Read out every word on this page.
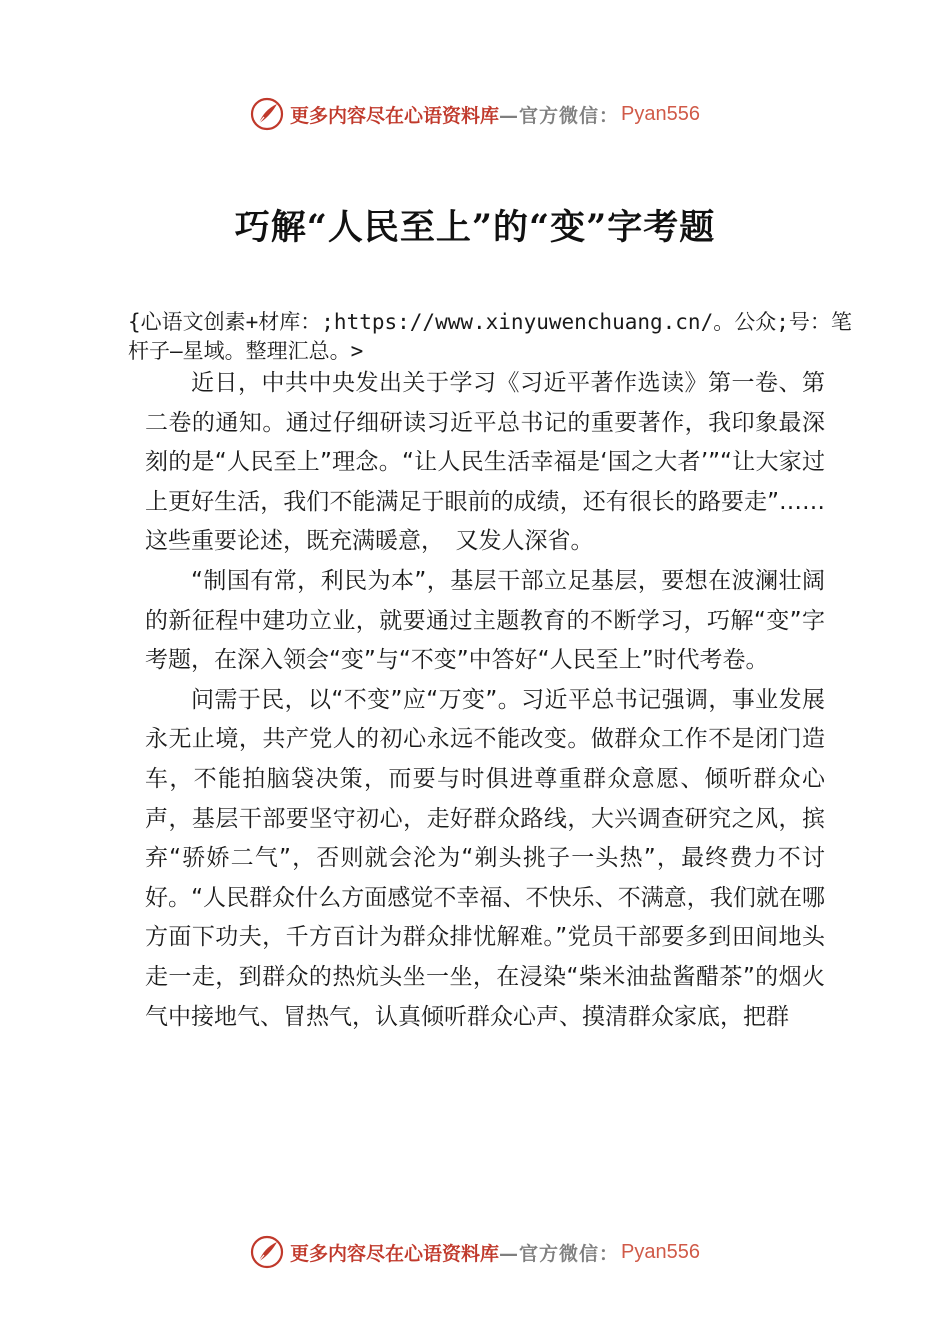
更多内容尽在心语资料库 —官方微信： Pyan556
巧解“人民至上”的“变”字考题
{心语文创素+材库：;https://www.xinyuwenchuang.cn/。公众;号：笔杆子—星域。整理汇总。>

近日，中共中央发出关于学习《习近平著作选读》第一卷、第二卷的通知。通过仔细研读习近平总书记的重要著作，我印象最深刻的是“人民至上”理念。“让人民生活幸福是‘国之大者’”“让大家过上更好生活，我们不能满足于眼前的成绩，还有很长的路要走”……这些重要论述，既充满暖意，　又发人深省。

“制国有常，利民为本”，基层干部立足基层，要想在波澜壮阔的新征程中建功立业，就要通过主题教育的不断学习，巧解“变”字考题，在深入领会“变”与“不变”中答好“人民至上”时代考卷。

问需于民，以“不变”应“万变”。习近平总书记强调，事业发展永无止境，共产党人的初心永远不能改变。做群众工作不是闭门造车，不能拍脑袋决策，而要与时俱进尊重群众意愿、倾听群众心声，基层干部要坚守初心，走好群众路线，大兴调查研究之风，摈弃“骄娇二气”，否则就会沦为“剃头挑子一头热”，最终费力不讨好。“人民群众什么方面感觉不幸福、不快乐、不满意，我们就在哪方面下功夫，千方百计为群众排忧解难。”党员干部要多到田间地头走一走，到群众的热炕头坐一坐，在浸染“柴米油盐酱醋茶”的烟火气中接地气、冒热气，认真倾听群众心声、摸清群众家底，把群

更多内容尽在心语资料库 —官方微信： Pyan556
